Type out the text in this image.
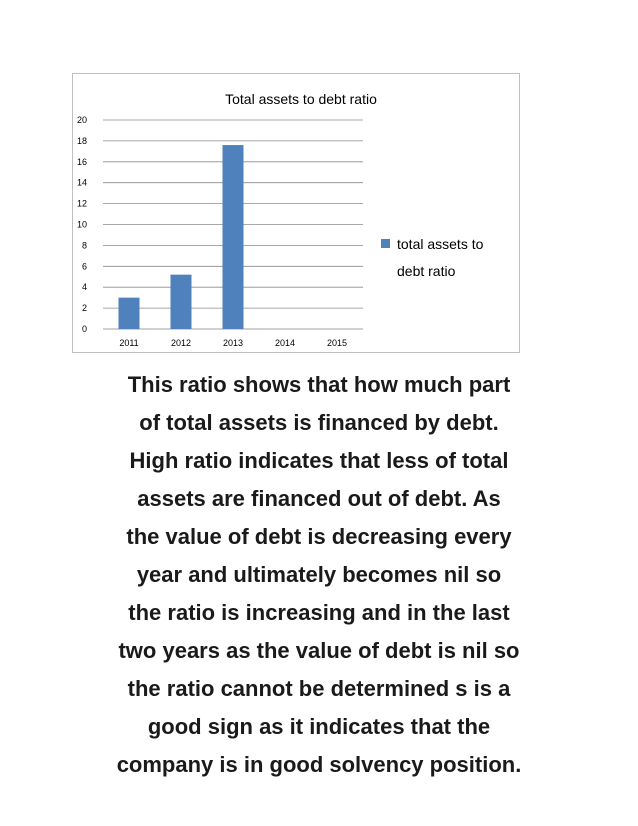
Total assets to debt ratio
0
2
4
6
8
10
12
14
16
18
20
2011	2012	2013	2014	2015
total assets to
debt ratio

This ratio shows that how much part
of total assets is financed by debt.
High ratio indicates that less of total
assets are financed out of debt. As
the value of debt is decreasing every
year and ultimately becomes nil so
the ratio is increasing and in the last
two years as the value of debt is nil so
the ratio cannot be determined s is a
good sign as it indicates that the
company is in good solvency position.
